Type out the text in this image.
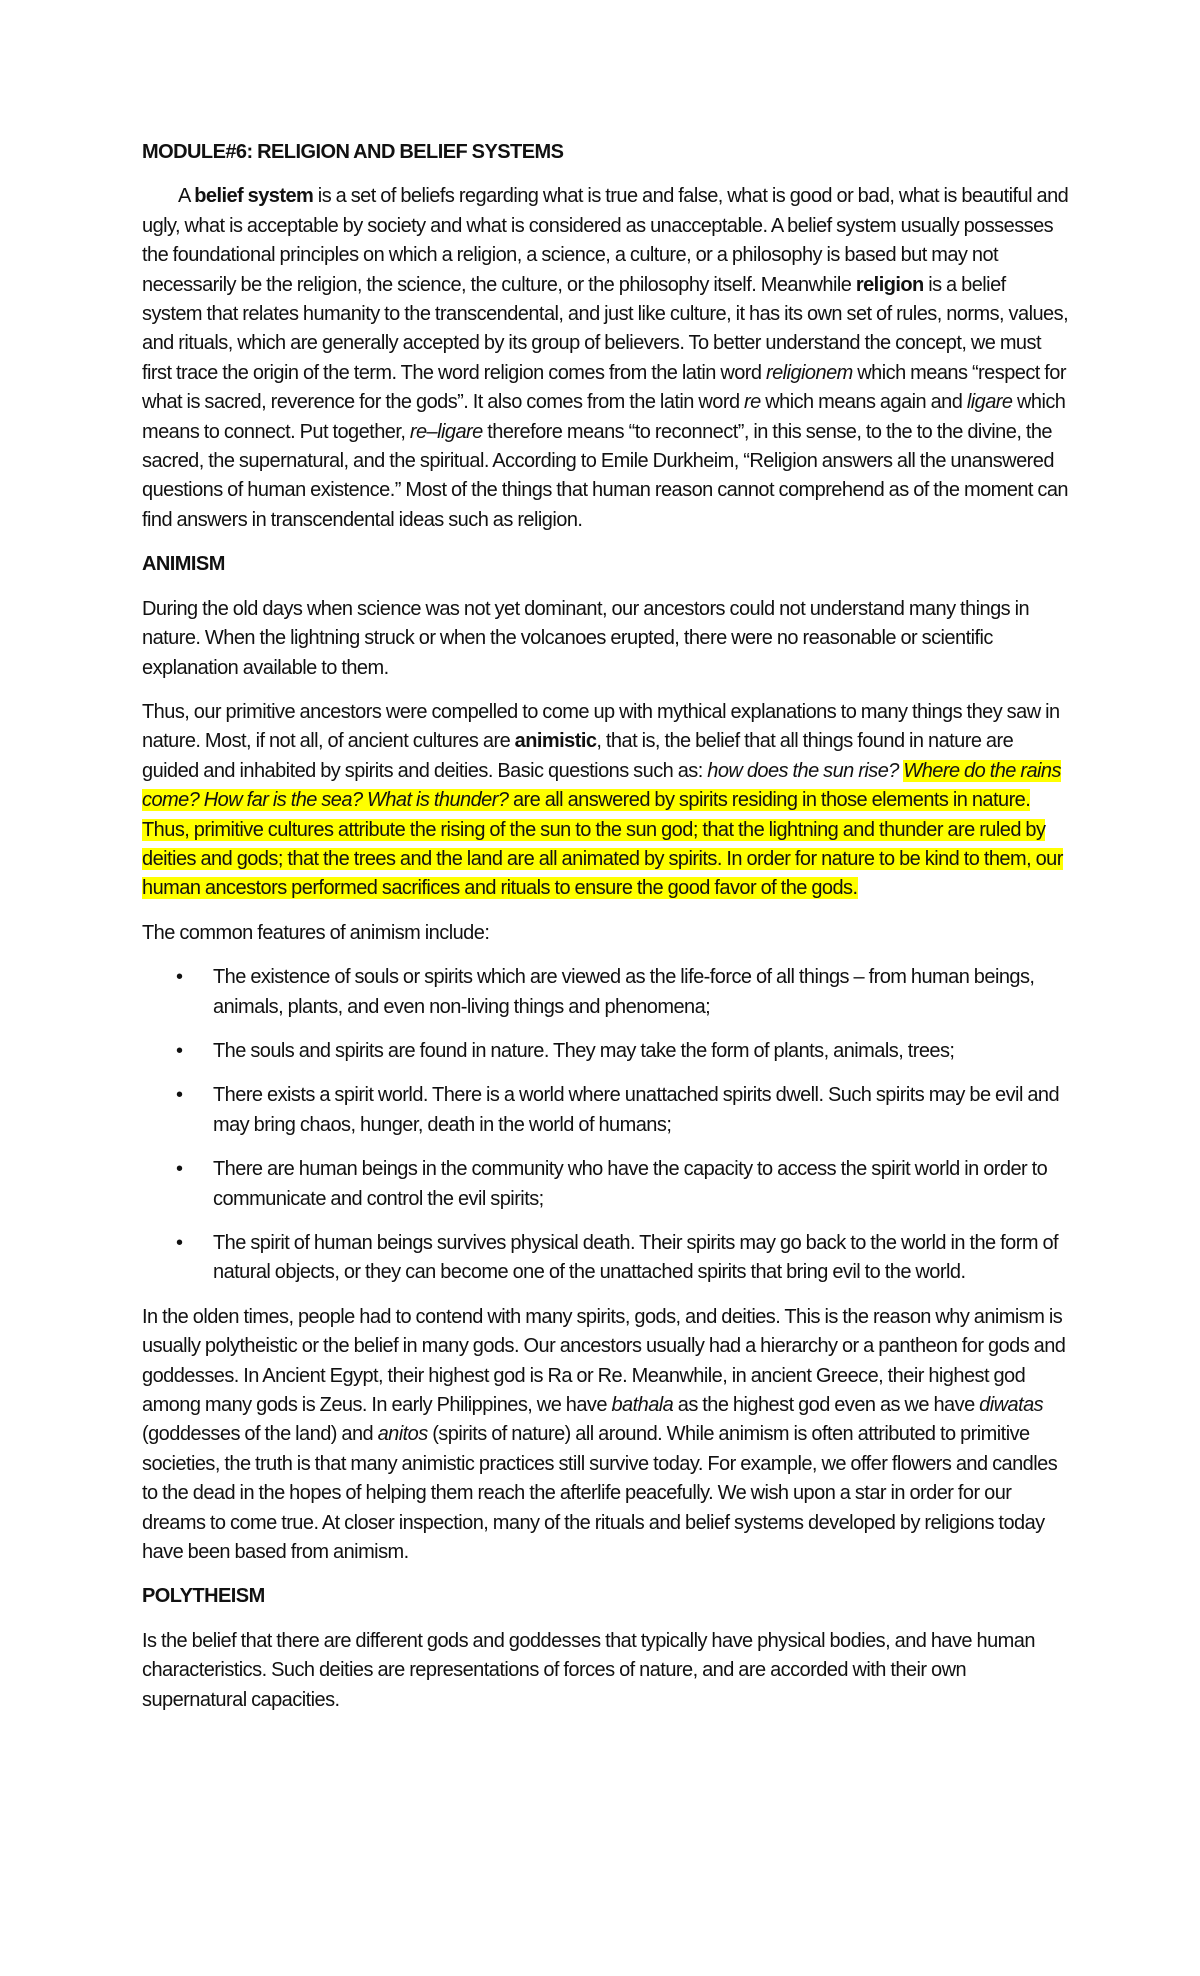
MODULE#6: RELIGION AND BELIEF SYSTEMS

A belief system is a set of beliefs regarding what is true and false, what is good or bad, what is beautiful and ugly, what is acceptable by society and what is considered as unacceptable. A belief system usually possesses the foundational principles on which a religion, a science, a culture, or a philosophy is based but may not necessarily be the religion, the science, the culture, or the philosophy itself. Meanwhile religion is a belief system that relates humanity to the transcendental, and just like culture, it has its own set of rules, norms, values, and rituals, which are generally accepted by its group of believers. To better understand the concept, we must first trace the origin of the term. The word religion comes from the latin word religionem which means “respect for what is sacred, reverence for the gods”. It also comes from the latin word re which means again and ligare which means to connect. Put together, re–ligare therefore means “to reconnect”, in this sense, to the to the divine, the sacred, the supernatural, and the spiritual. According to Emile Durkheim, “Religion answers all the unanswered questions of human existence.” Most of the things that human reason cannot comprehend as of the moment can find answers in transcendental ideas such as religion.

ANIMISM

During the old days when science was not yet dominant, our ancestors could not understand many things in nature. When the lightning struck or when the volcanoes erupted, there were no reasonable or scientific explanation available to them.

Thus, our primitive ancestors were compelled to come up with mythical explanations to many things they saw in nature. Most, if not all, of ancient cultures are animistic, that is, the belief that all things found in nature are guided and inhabited by spirits and deities. Basic questions such as: how does the sun rise? Where do the rains come? How far is the sea? What is thunder? are all answered by spirits residing in those elements in nature. Thus, primitive cultures attribute the rising of the sun to the sun god; that the lightning and thunder are ruled by deities and gods; that the trees and the land are all animated by spirits. In order for nature to be kind to them, our human ancestors performed sacrifices and rituals to ensure the good favor of the gods.

The common features of animism include:

• The existence of souls or spirits which are viewed as the life-force of all things – from human beings, animals, plants, and even non-living things and phenomena;
• The souls and spirits are found in nature. They may take the form of plants, animals, trees;
• There exists a spirit world. There is a world where unattached spirits dwell. Such spirits may be evil and may bring chaos, hunger, death in the world of humans;
• There are human beings in the community who have the capacity to access the spirit world in order to communicate and control the evil spirits;
• The spirit of human beings survives physical death. Their spirits may go back to the world in the form of natural objects, or they can become one of the unattached spirits that bring evil to the world.

In the olden times, people had to contend with many spirits, gods, and deities. This is the reason why animism is usually polytheistic or the belief in many gods. Our ancestors usually had a hierarchy or a pantheon for gods and goddesses. In Ancient Egypt, their highest god is Ra or Re. Meanwhile, in ancient Greece, their highest god among many gods is Zeus. In early Philippines, we have bathala as the highest god even as we have diwatas (goddesses of the land) and anitos (spirits of nature) all around. While animism is often attributed to primitive societies, the truth is that many animistic practices still survive today. For example, we offer flowers and candles to the dead in the hopes of helping them reach the afterlife peacefully. We wish upon a star in order for our dreams to come true. At closer inspection, many of the rituals and belief systems developed by religions today have been based from animism.

POLYTHEISM

Is the belief that there are different gods and goddesses that typically have physical bodies, and have human characteristics. Such deities are representations of forces of nature, and are accorded with their own supernatural capacities.
